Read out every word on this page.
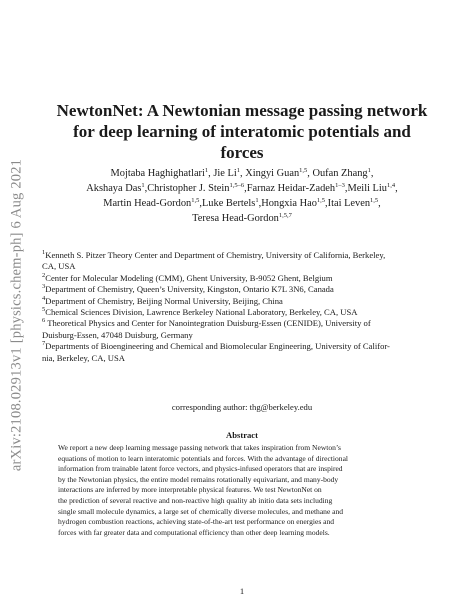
arXiv:2108.02913v1 [physics.chem-ph] 6 Aug 2021
NewtonNet: A Newtonian message passing network
for deep learning of interatomic potentials and
forces
Mojtaba Haghighatlari$^1$, Jie Li$^1$, Xingyi Guan$^{1,5}$, Oufan Zhang$^1$,
Akshaya Das$^1$,Christopher J. Stein$^{1,5-6}$,Farnaz Heidar-Zadeh$^{1-3}$,Meili Liu$^{1,4}$,
Martin Head-Gordon$^{1,5}$,Luke Bertels$^1$,Hongxia Hao$^{1,5}$,Itai Leven$^{1,5}$,
Teresa Head-Gordon$^{1,5,7}$
$^1$Kenneth S. Pitzer Theory Center and Department of Chemistry, University of California, Berkeley,
CA, USA
$^2$Center for Molecular Modeling (CMM), Ghent University, B-9052 Ghent, Belgium
$^3$Department of Chemistry, Queen’s University, Kingston, Ontario K7L 3N6, Canada
$^4$Department of Chemistry, Beijing Normal University, Beijing, China
$^5$Chemical Sciences Division, Lawrence Berkeley National Laboratory, Berkeley, CA, USA
$^6$ Theoretical Physics and Center for Nanointegration Duisburg-Essen (CENIDE), University of
Duisburg-Essen, 47048 Duisburg, Germany
$^7$Departments of Bioengineering and Chemical and Biomolecular Engineering, University of Califor-
nia, Berkeley, CA, USA
corresponding author: thg@berkeley.edu
Abstract
We report a new deep learning message passing network that takes inspiration from Newton’s
equations of motion to learn interatomic potentials and forces. With the advantage of directional
information from trainable latent force vectors, and physics-infused operators that are inspired
by the Newtonian physics, the entire model remains rotationally equivariant, and many-body
interactions are inferred by more interpretable physical features. We test NewtonNet on
the prediction of several reactive and non-reactive high quality ab initio data sets including
single small molecule dynamics, a large set of chemically diverse molecules, and methane and
hydrogen combustion reactions, achieving state-of-the-art test performance on energies and
forces with far greater data and computational efficiency than other deep learning models.
1
